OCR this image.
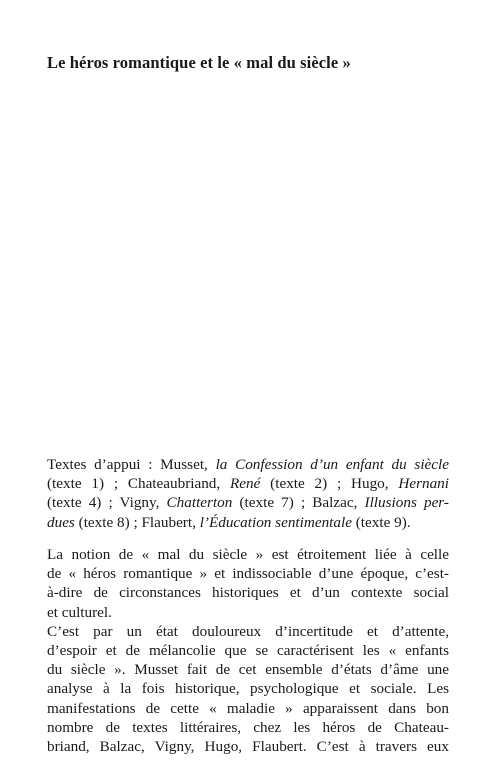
Le héros romantique et le « mal du siècle »

Textes d’appui : Musset, la Confession d’un enfant du siècle
(texte 1) ; Chateaubriand, René (texte 2) ; Hugo, Hernani
(texte 4) ; Vigny, Chatterton (texte 7) ; Balzac, Illusions per-
dues (texte 8) ; Flaubert, l’Éducation sentimentale (texte 9).

La notion de « mal du siècle » est étroitement liée à celle
de « héros romantique » et indissociable d’une époque, c’est-
à-dire de circonstances historiques et d’un contexte social
et culturel.

C’est par un état douloureux d’incertitude et d’attente,
d’espoir et de mélancolie que se caractérisent les « enfants
du siècle ». Musset fait de cet ensemble d’états d’âme une
analyse à la fois historique, psychologique et sociale. Les
manifestations de cette « maladie » apparaissent dans bon
nombre de textes littéraires, chez les héros de Chateau-
briand, Balzac, Vigny, Hugo, Flaubert. C’est à travers eux
